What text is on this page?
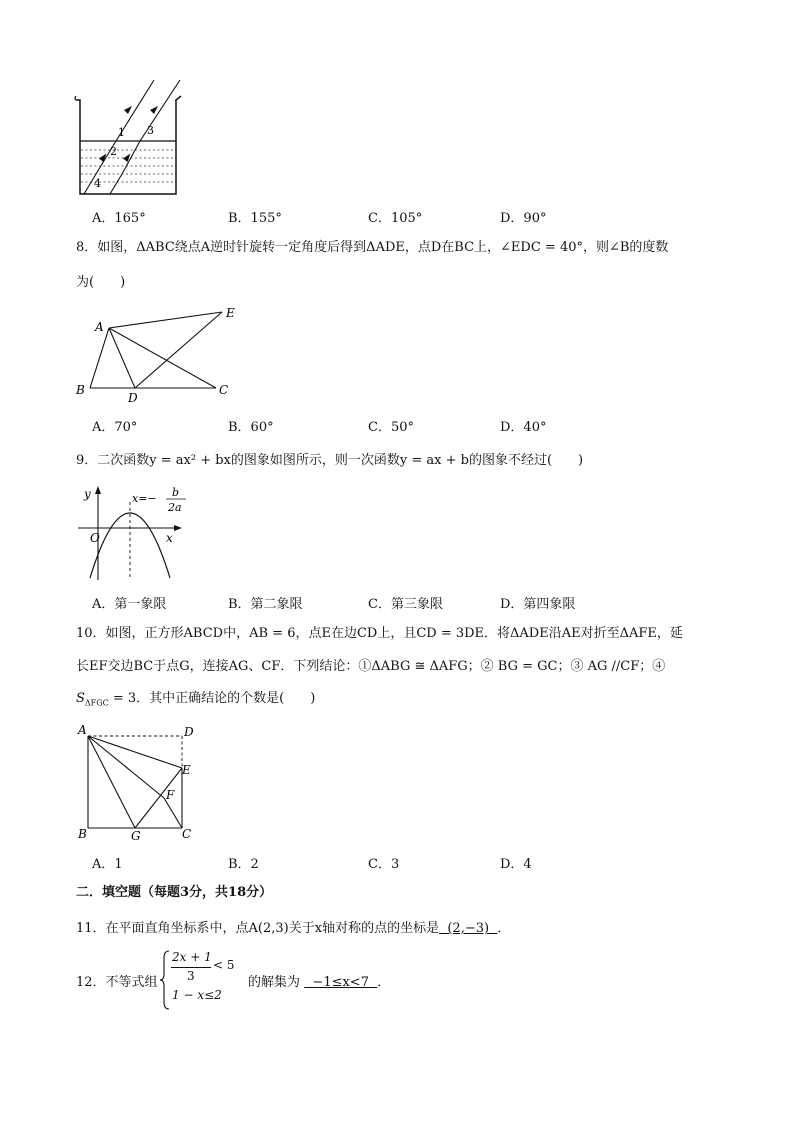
1
2
3
4
A．165°	B．155°	C．105°	D．90°
8．如图，ΔABC绕点A逆时针旋转一定角度后得到ΔADE，点D在BC上，∠EDC = 40°，则∠B的度数
为(　　)
A
B	C
D
E
A．70°	B．60°	C．50°	D．40°
9．二次函数y = ax² + bx的图象如图所示，则一次函数y = ax + b的图象不经过(　　)
y
x
O
x=− b
2a
A．第一象限	B．第二象限	C．第三象限	D．第四象限
10．如图，正方形ABCD中，AB = 6，点E在边CD上，且CD = 3DE．将ΔADE沿AE对折至ΔAFE，延
长EF交边BC于点G，连接AG、CF．下列结论：①ΔABG ≅ ΔAFG；② BG = GC；③ AG //CF；④
$S_{\Delta FGC} = 3$．其中正确结论的个数是(　　)
A	D
E
F
B	G	C
A．1	B．2	C．3	D．4
二．填空题（每题3分，共18分）
11．在平面直角坐标系中，点A(2,3)关于x轴对称的点的坐标是 (2,−3) ．
12．不等式组
2x + 1
3
< 5
1 − x≤2
的解集为 −1≤x<7 ．
